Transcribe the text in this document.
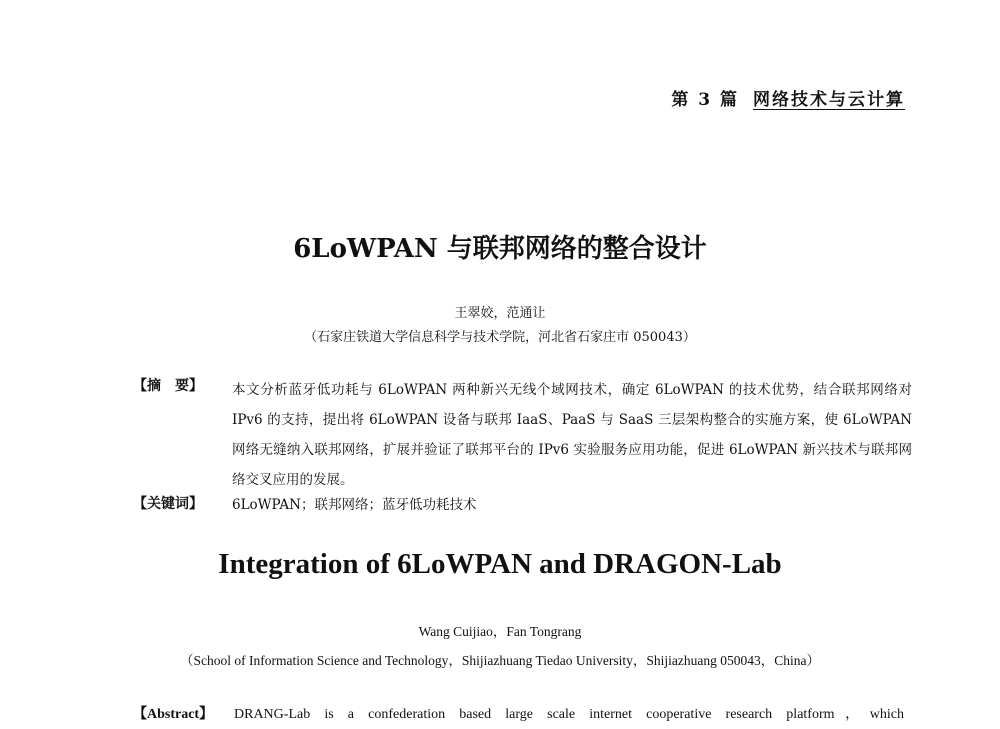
第 3 篇 网络技术与云计算
6LoWPAN 与联邦网络的整合设计
王翠姣，范通让
（石家庄铁道大学信息科学与技术学院，河北省石家庄市 050043）
【摘　要】 本文分析蓝牙低功耗与 6LoWPAN 两种新兴无线个域网技术，确定 6LoWPAN 的技术优势，结合联邦网络对 IPv6 的支持，提出将 6LoWPAN 设备与联邦 IaaS、PaaS 与 SaaS 三层架构整合的实施方案，使 6LoWPAN 网络无缝纳入联邦网络，扩展并验证了联邦平台的 IPv6 实验服务应用功能，促进 6LoWPAN 新兴技术与联邦网络交叉应用的发展。
【关键词】 6LoWPAN；联邦网络；蓝牙低功耗技术
Integration of 6LoWPAN and DRAGON-Lab
Wang Cuijiao，Fan Tongrang
（School of Information Science and Technology，Shijiazhuang Tiedao University，Shijiazhuang 050043，China）
【Abstract】 DRANG-Lab is a confederation based large scale internet cooperative research platform，which
